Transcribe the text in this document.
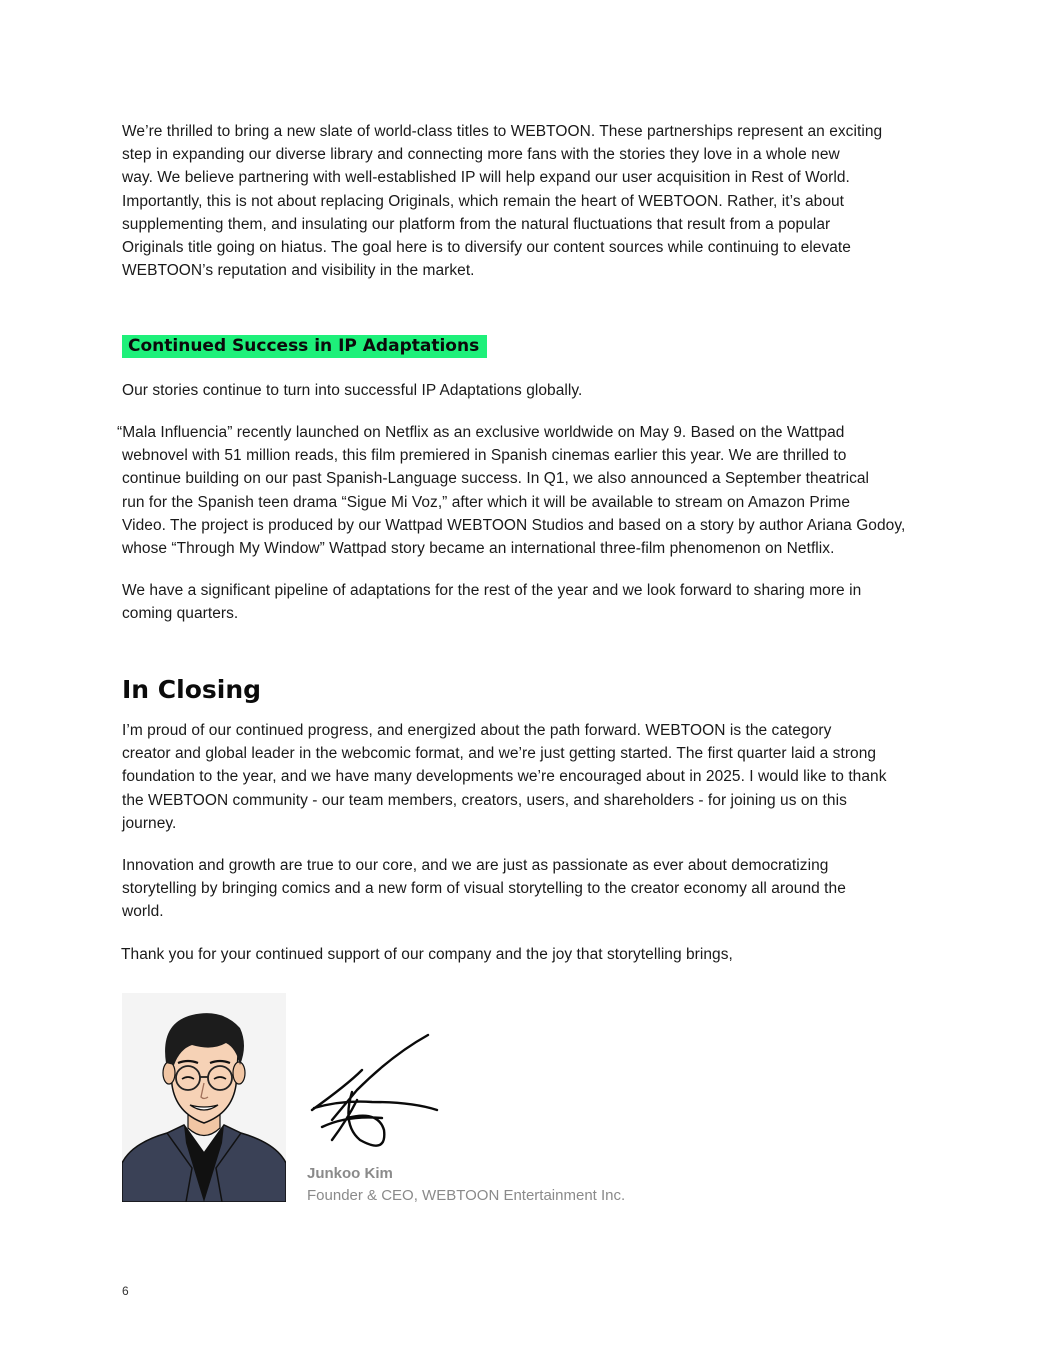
We’re thrilled to bring a new slate of world-class titles to WEBTOON. These partnerships represent an exciting
step in expanding our diverse library and connecting more fans with the stories they love in a whole new
way. We believe partnering with well-established IP will help expand our user acquisition in Rest of World.
Importantly, this is not about replacing Originals, which remain the heart of WEBTOON. Rather, it’s about
supplementing them, and insulating our platform from the natural fluctuations that result from a popular
Originals title going on hiatus. The goal here is to diversify our content sources while continuing to elevate
WEBTOON’s reputation and visibility in the market.

Continued Success in IP Adaptations

Our stories continue to turn into successful IP Adaptations globally.

“Mala Influencia” recently launched on Netflix as an exclusive worldwide on May 9. Based on the Wattpad
webnovel with 51 million reads, this film premiered in Spanish cinemas earlier this year. We are thrilled to
continue building on our past Spanish-Language success. In Q1, we also announced a September theatrical
run for the Spanish teen drama “Sigue Mi Voz,” after which it will be available to stream on Amazon Prime
Video. The project is produced by our Wattpad WEBTOON Studios and based on a story by author Ariana Godoy,
whose “Through My Window” Wattpad story became an international three-film phenomenon on Netflix.

We have a significant pipeline of adaptations for the rest of the year and we look forward to sharing more in
coming quarters.

In Closing

I’m proud of our continued progress, and energized about the path forward. WEBTOON is the category
creator and global leader in the webcomic format, and we’re just getting started. The first quarter laid a strong
foundation to the year, and we have many developments we’re encouraged about in 2025. I would like to thank
the WEBTOON community - our team members, creators, users, and shareholders - for joining us on this
journey.

Innovation and growth are true to our core, and we are just as passionate as ever about democratizing
storytelling by bringing comics and a new form of visual storytelling to the creator economy all around the
world.

Thank you for your continued support of our company and the joy that storytelling brings,

Junkoo Kim
Founder & CEO, WEBTOON Entertainment Inc.
6
